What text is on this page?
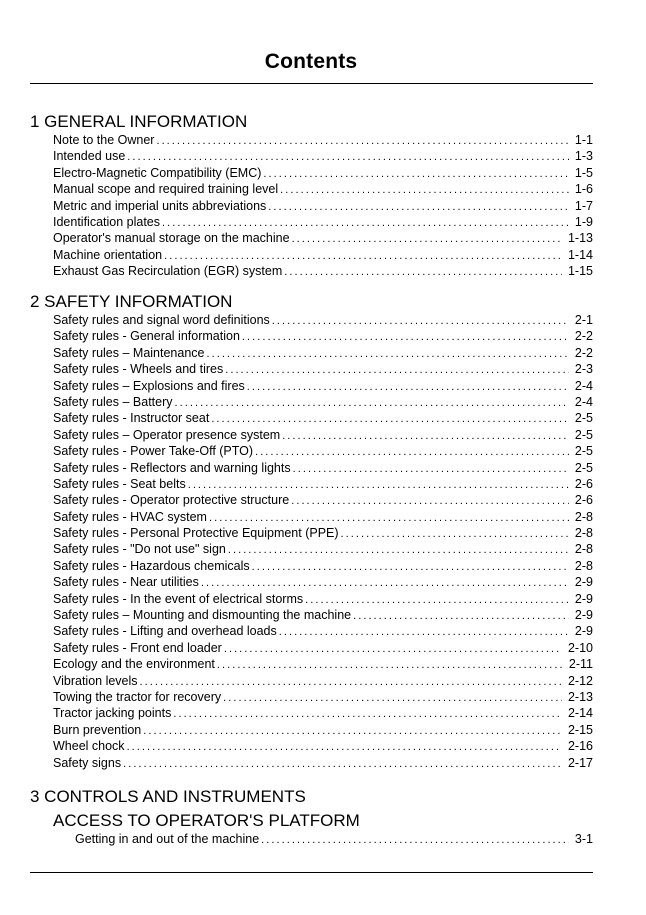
Contents
1 GENERAL INFORMATION
Note to the Owner . . .	1-1
Intended use . . .	1-3
Electro-Magnetic Compatibility (EMC) . . .	1-5
Manual scope and required training level . . .	1-6
Metric and imperial units abbreviations . . .	1-7
Identification plates . . .	1-9
Operator's manual storage on the machine . . .	1-13
Machine orientation . . .	1-14
Exhaust Gas Recirculation (EGR) system . . .	1-15
2 SAFETY INFORMATION
Safety rules and signal word definitions . . .	2-1
Safety rules - General information . . .	2-2
Safety rules – Maintenance . . .	2-2
Safety rules - Wheels and tires . . .	2-3
Safety rules – Explosions and fires . . .	2-4
Safety rules – Battery . . .	2-4
Safety rules - Instructor seat . . .	2-5
Safety rules – Operator presence system . . .	2-5
Safety rules - Power Take-Off (PTO) . . .	2-5
Safety rules - Reflectors and warning lights . . .	2-5
Safety rules - Seat belts . . .	2-6
Safety rules - Operator protective structure . . .	2-6
Safety rules - HVAC system . . .	2-8
Safety rules - Personal Protective Equipment (PPE) . . .	2-8
Safety rules - "Do not use" sign . . .	2-8
Safety rules - Hazardous chemicals . . .	2-8
Safety rules - Near utilities . . .	2-9
Safety rules - In the event of electrical storms . . .	2-9
Safety rules – Mounting and dismounting the machine . . .	2-9
Safety rules - Lifting and overhead loads . . .	2-9
Safety rules - Front end loader . . .	2-10
Ecology and the environment . . .	2-11
Vibration levels . . .	2-12
Towing the tractor for recovery . . .	2-13
Tractor jacking points . . .	2-14
Burn prevention . . .	2-15
Wheel chock . . .	2-16
Safety signs . . .	2-17
3 CONTROLS AND INSTRUMENTS
ACCESS TO OPERATOR'S PLATFORM
Getting in and out of the machine . . .	3-1
